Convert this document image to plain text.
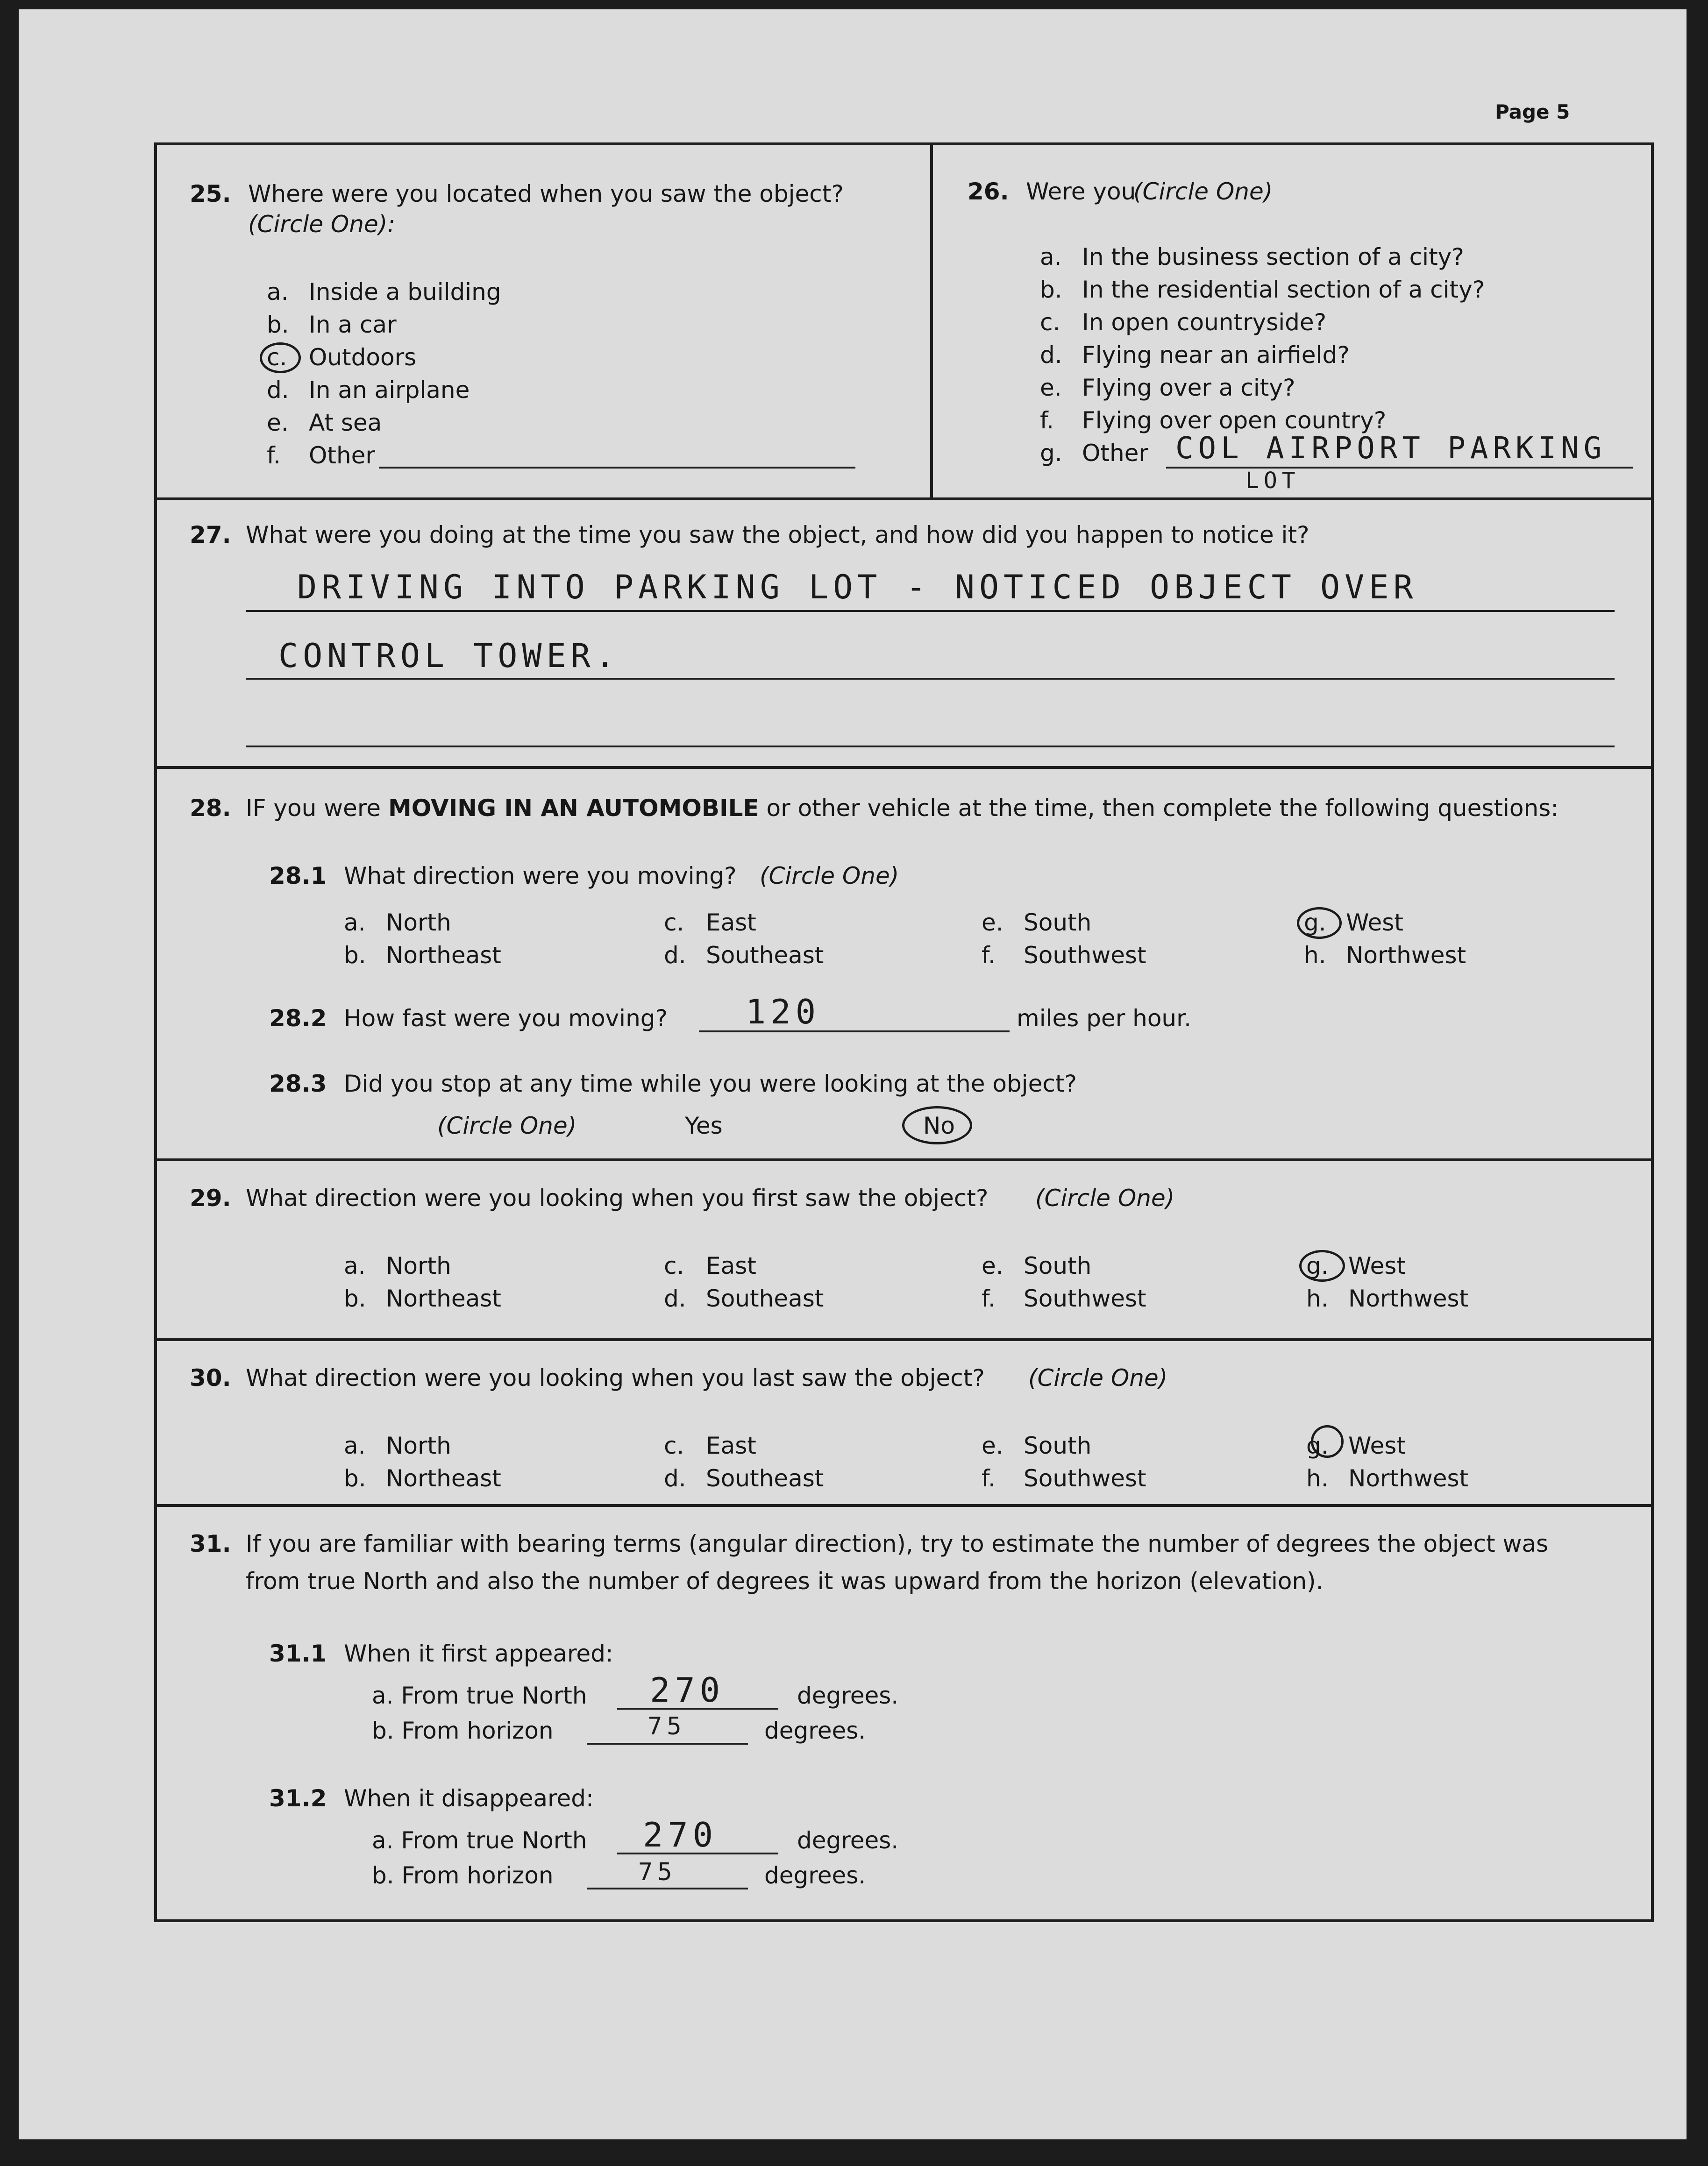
Page 5
25. Where were you located when you saw the object?
(Circle One):
a. Inside a building
b. In a car
c. Outdoors
d. In an airplane
e. At sea
f. Other
26. Were you
(Circle One)
a. In the business section of a city?
b. In the residential section of a city?
c. In open countryside?
d. Flying near an airfield?
e. Flying over a city?
f. Flying over open country?
g. Other COL AIRPORT PARKING
LOT
27. What were you doing at the time you saw the object, and how did you happen to notice it?
DRIVING INTO PARKING LOT - NOTICED OBJECT OVER
CONTROL TOWER.
28. IF you were MOVING IN AN AUTOMOBILE or other vehicle at the time, then complete the following questions:
28.1 What direction were you moving? (Circle One)
a. North
b. Northeast
c. East
d. Southeast
e. South
f. Southwest
g. West
h. Northwest
28.2 How fast were you moving? 120	miles per hour.
28.3 Did you stop at any time while you were looking at the object?
(Circle One)	Yes	No
29. What direction were you looking when you first saw the object? (Circle One)
a. North
b. Northeast
c. East
d. Southeast
e. South
f. Southwest
g. West
h. Northwest
30. What direction were you looking when you last saw the object? (Circle One)
a. North
b. Northeast
c. East
d. Southeast
e. South
f. Southwest
g. West
h. Northwest
31. If you are familiar with bearing terms (angular direction), try to estimate the number of degrees the object was
from true North and also the number of degrees it was upward from the horizon (elevation).
31.1 When it first appeared:
a. From true North 270	degrees.
b. From horizon	75	degrees.
31.2 When it disappeared:
a. From true North 270	degrees.
b. From horizon	75	degrees.
